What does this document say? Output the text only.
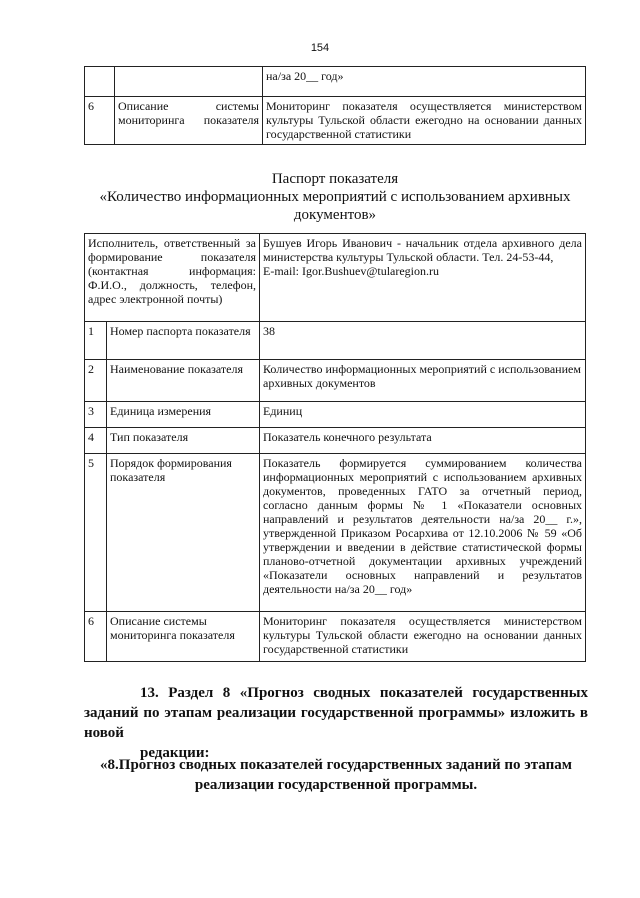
154
		на/за 20__ год»
6	Описание системы мониторинга показателя	Мониторинг показателя осуществляется министерством культуры Тульской области ежегодно на основании данных государственной статистики
Паспорт показателя
«Количество информационных мероприятий с использованием архивных документов»
Исполнитель, ответственный за формирование показателя (контактная информация: Ф.И.О., должность, телефон, адрес электронной почты)		Бушуев Игорь Иванович - начальник отдела архивного дела министерства культуры Тульской области. Тел. 24-53-44,
E-mail: Igor.Bushuev@tularegion.ru

1	Номер паспорта показателя	38
2	Наименование показателя	Количество информационных мероприятий с использованием архивных документов
3	Единица измерения	Единиц
4	Тип показателя	Показатель конечного результата
5	Порядок формирования показателя	Показатель формируется суммированием количества информационных мероприятий с использованием архивных документов, проведенных ГАТО за отчетный период, согласно данным формы № 1 «Показатели основных направлений и результатов деятельности на/за 20__ г.», утвержденной Приказом Росархива от 12.10.2006 № 59 «Об утверждении и введении в действие статистической формы планово-отчетной документации архивных учреждений «Показатели основных направлений и результатов деятельности на/за 20__ год»
6	Описание системы мониторинга показателя	Мониторинг показателя осуществляется министерством культуры Тульской области ежегодно на основании данных государственной статистики
13. Раздел 8 «Прогноз сводных показателей государственных заданий по этапам реализации государственной программы» изложить в новой
редакции:
«8.Прогноз сводных показателей государственных заданий по этапам реализации государственной программы.
